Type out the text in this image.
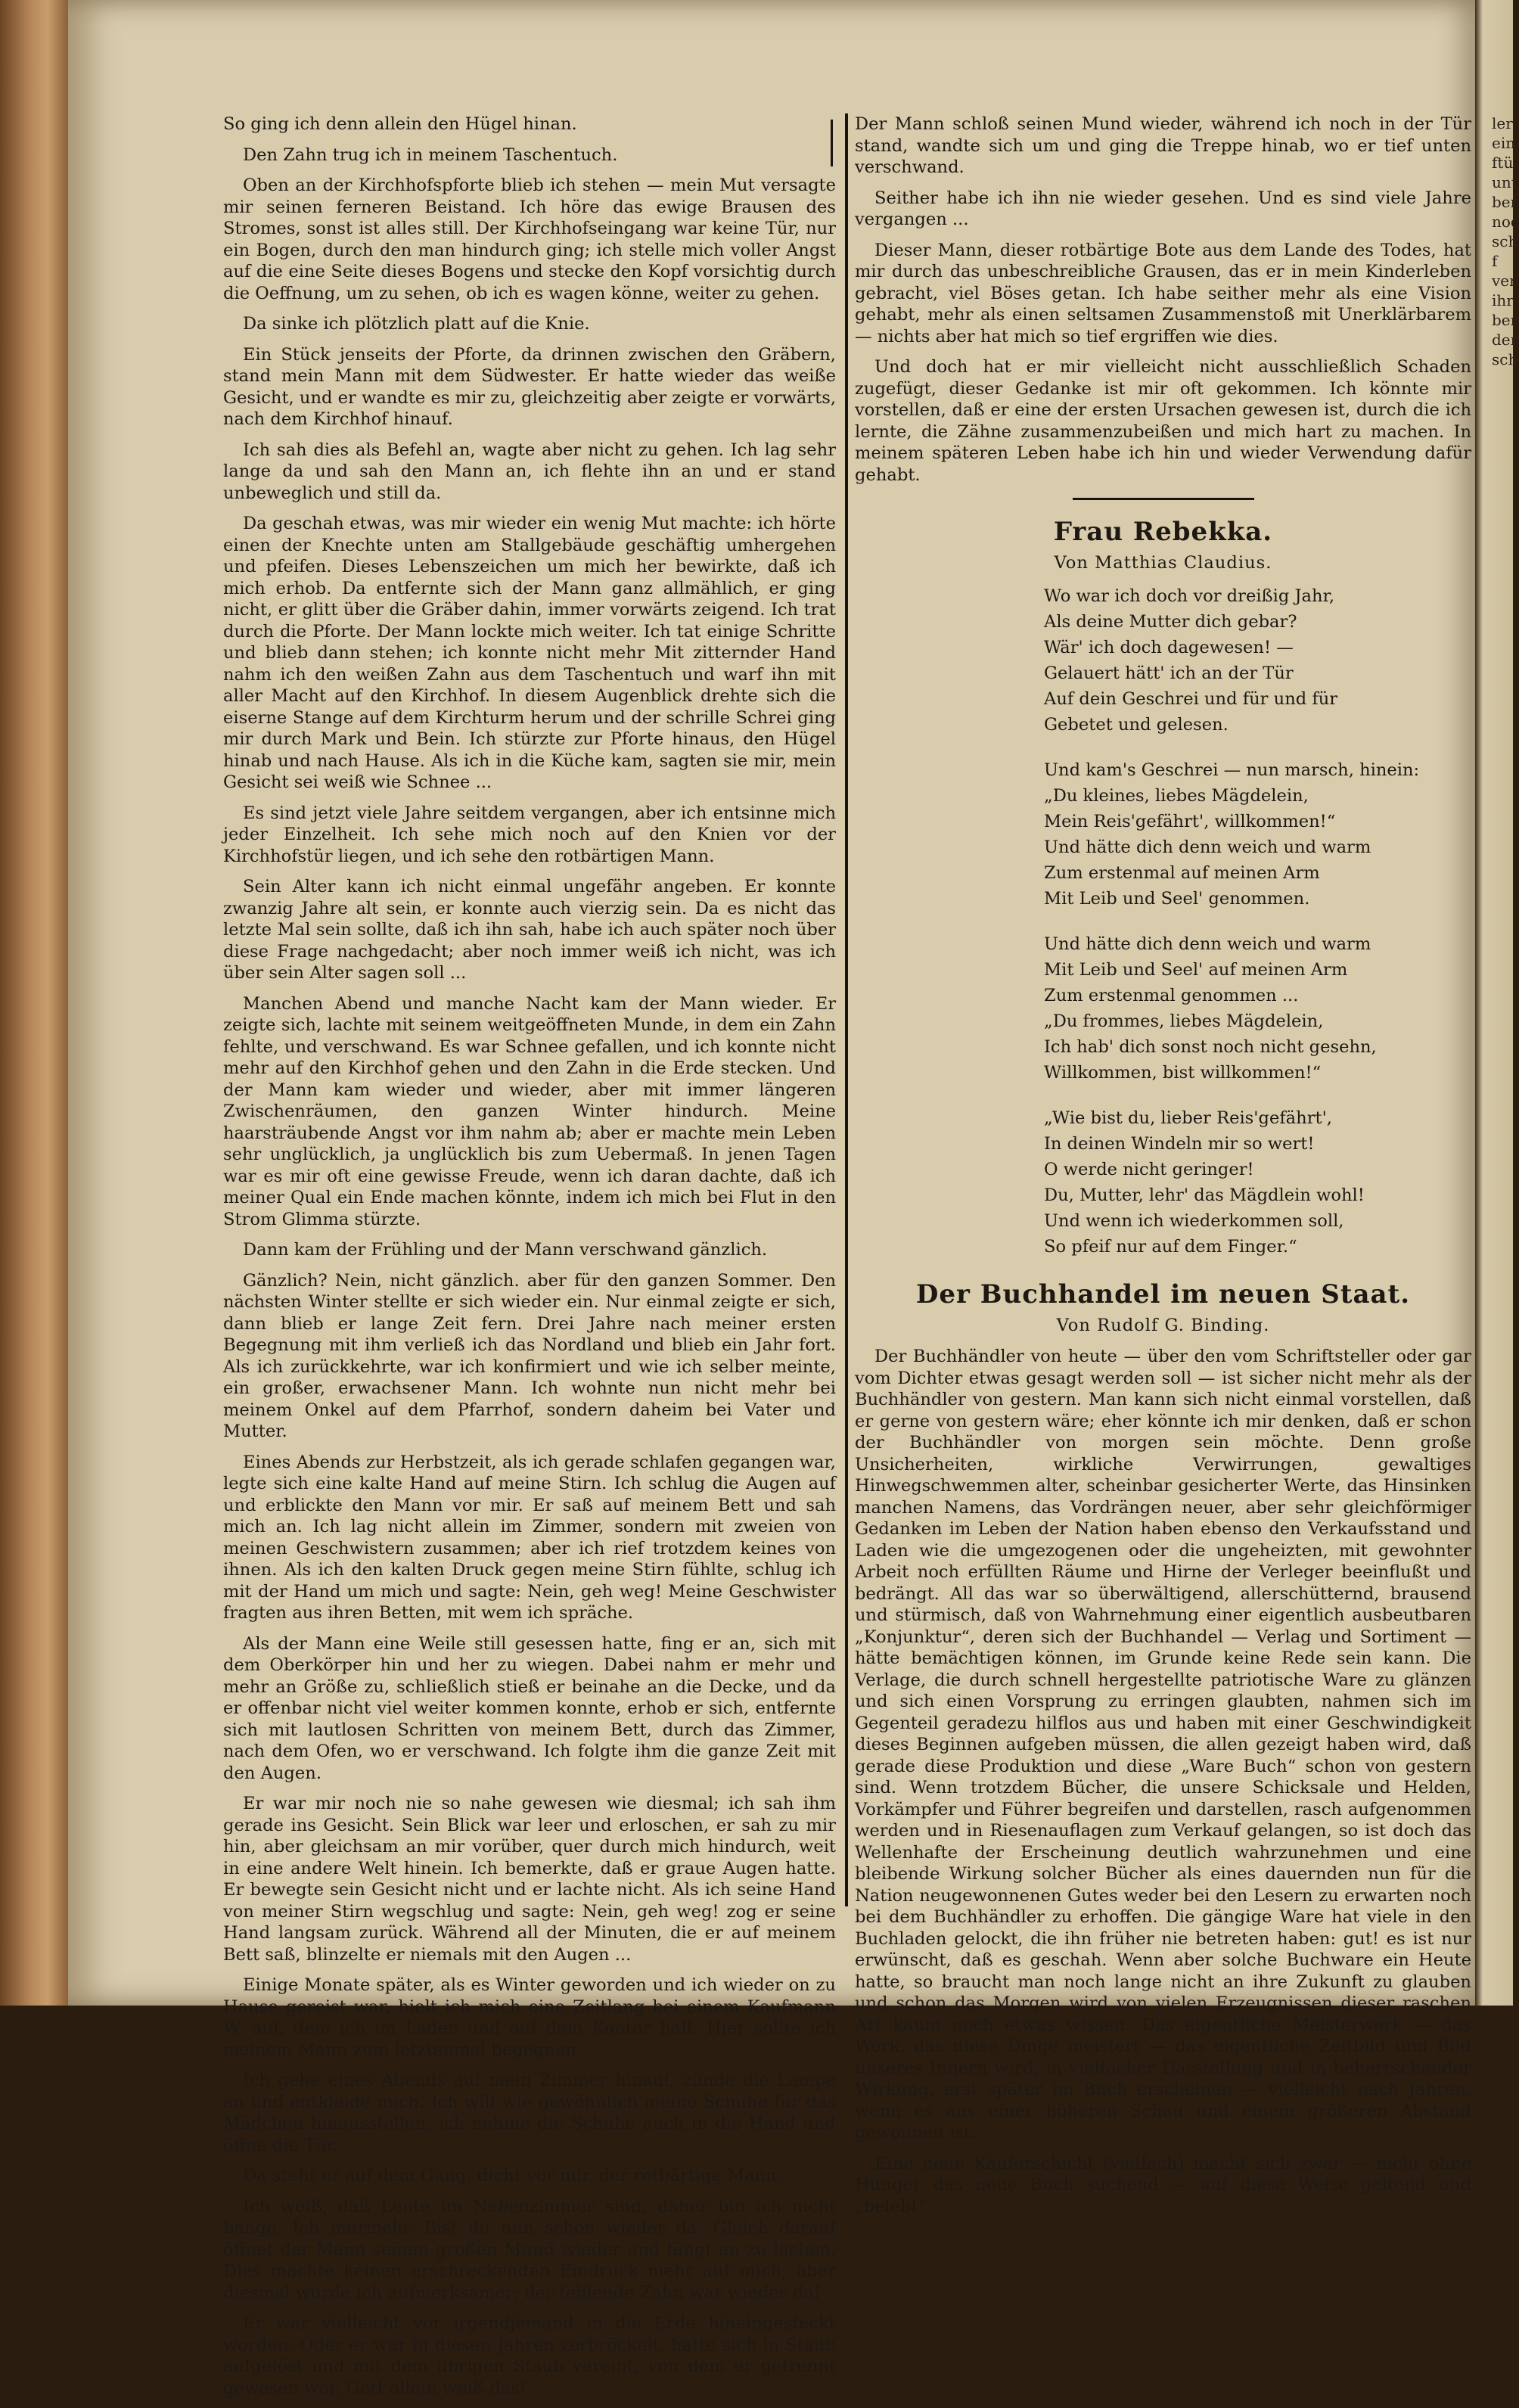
ler ein ftü unt ber noc sch f ver ihr ber der sch

So ging ich denn allein den Hügel hinan.

Den Zahn trug ich in meinem Taschentuch.

Oben an der Kirchhofspforte blieb ich stehen — mein Mut versagte mir seinen ferneren Beistand. Ich höre das ewige Brausen des Stromes, sonst ist alles still. Der Kirchhofseingang war keine Tür, nur ein Bogen, durch den man hindurch ging; ich stelle mich voller Angst auf die eine Seite dieses Bogens und stecke den Kopf vorsichtig durch die Oeffnung, um zu sehen, ob ich es wagen könne, weiter zu gehen.

Da sinke ich plötzlich platt auf die Knie.

Ein Stück jenseits der Pforte, da drinnen zwischen den Gräbern, stand mein Mann mit dem Südwester. Er hatte wieder das weiße Gesicht, und er wandte es mir zu, gleichzeitig aber zeigte er vorwärts, nach dem Kirchhof hinauf.

Ich sah dies als Befehl an, wagte aber nicht zu gehen. Ich lag sehr lange da und sah den Mann an, ich flehte ihn an und er stand unbeweglich und still da.

Da geschah etwas, was mir wieder ein wenig Mut machte: ich hörte einen der Knechte unten am Stallgebäude geschäftig umhergehen und pfeifen. Dieses Lebenszeichen um mich her bewirkte, daß ich mich erhob. Da entfernte sich der Mann ganz allmählich, er ging nicht, er glitt über die Gräber dahin, immer vorwärts zeigend. Ich trat durch die Pforte. Der Mann lockte mich weiter. Ich tat einige Schritte und blieb dann stehen; ich konnte nicht mehr Mit zitternder Hand nahm ich den weißen Zahn aus dem Taschentuch und warf ihn mit aller Macht auf den Kirchhof. In diesem Augenblick drehte sich die eiserne Stange auf dem Kirchturm herum und der schrille Schrei ging mir durch Mark und Bein. Ich stürzte zur Pforte hinaus, den Hügel hinab und nach Hause. Als ich in die Küche kam, sagten sie mir, mein Gesicht sei weiß wie Schnee ...

Es sind jetzt viele Jahre seitdem vergangen, aber ich entsinne mich jeder Einzelheit. Ich sehe mich noch auf den Knien vor der Kirchhofstür liegen, und ich sehe den rotbärtigen Mann.

Sein Alter kann ich nicht einmal ungefähr angeben. Er konnte zwanzig Jahre alt sein, er konnte auch vierzig sein. Da es nicht das letzte Mal sein sollte, daß ich ihn sah, habe ich auch später noch über diese Frage nachgedacht; aber noch immer weiß ich nicht, was ich über sein Alter sagen soll ...

Manchen Abend und manche Nacht kam der Mann wieder. Er zeigte sich, lachte mit seinem weitgeöffneten Munde, in dem ein Zahn fehlte, und verschwand. Es war Schnee gefallen, und ich konnte nicht mehr auf den Kirchhof gehen und den Zahn in die Erde stecken. Und der Mann kam wieder und wieder, aber mit immer längeren Zwischenräumen, den ganzen Winter hindurch. Meine haarsträubende Angst vor ihm nahm ab; aber er machte mein Leben sehr unglücklich, ja unglücklich bis zum Uebermaß. In jenen Tagen war es mir oft eine gewisse Freude, wenn ich daran dachte, daß ich meiner Qual ein Ende machen könnte, indem ich mich bei Flut in den Strom Glimma stürzte.

Dann kam der Frühling und der Mann verschwand gänzlich.

Gänzlich? Nein, nicht gänzlich. aber für den ganzen Sommer. Den nächsten Winter stellte er sich wieder ein. Nur einmal zeigte er sich, dann blieb er lange Zeit fern. Drei Jahre nach meiner ersten Begegnung mit ihm verließ ich das Nordland und blieb ein Jahr fort. Als ich zurückkehrte, war ich konfirmiert und wie ich selber meinte, ein großer, erwachsener Mann. Ich wohnte nun nicht mehr bei meinem Onkel auf dem Pfarrhof, sondern daheim bei Vater und Mutter.

Eines Abends zur Herbstzeit, als ich gerade schlafen gegangen war, legte sich eine kalte Hand auf meine Stirn. Ich schlug die Augen auf und erblickte den Mann vor mir. Er saß auf meinem Bett und sah mich an. Ich lag nicht allein im Zimmer, sondern mit zweien von meinen Geschwistern zusammen; aber ich rief trotzdem keines von ihnen. Als ich den kalten Druck gegen meine Stirn fühlte, schlug ich mit der Hand um mich und sagte: Nein, geh weg! Meine Geschwister fragten aus ihren Betten, mit wem ich spräche.

Als der Mann eine Weile still gesessen hatte, fing er an, sich mit dem Oberkörper hin und her zu wiegen. Dabei nahm er mehr und mehr an Größe zu, schließlich stieß er beinahe an die Decke, und da er offenbar nicht viel weiter kommen konnte, erhob er sich, entfernte sich mit lautlosen Schritten von meinem Bett, durch das Zimmer, nach dem Ofen, wo er verschwand. Ich folgte ihm die ganze Zeit mit den Augen.

Er war mir noch nie so nahe gewesen wie diesmal; ich sah ihm gerade ins Gesicht. Sein Blick war leer und erloschen, er sah zu mir hin, aber gleichsam an mir vorüber, quer durch mich hindurch, weit in eine andere Welt hinein. Ich bemerkte, daß er graue Augen hatte. Er bewegte sein Gesicht nicht und er lachte nicht. Als ich seine Hand von meiner Stirn wegschlug und sagte: Nein, geh weg! zog er seine Hand langsam zurück. Während all der Minuten, die er auf meinem Bett saß, blinzelte er niemals mit den Augen ...

Einige Monate später, als es Winter geworden und ich wieder on zu Hause gereist war, hielt ich mich eine Zeitlang bei einem Kaufmann W. auf, dem ich im Laden und auf dem Kontor half. Hier sollte ich meinem Mann zum letztenmal begegnen.

Ich gehe eines Abends auf mein Zimmer hinauf, zünde die Lampe an und entkleide mich. Ich will wie gewöhnlich meine Schuhe für das Mädchen hinausstellen, ich nehme die Schuhe auch in die Hand und öffne die Tür.

Da steht er auf dem Gang, dicht vor mir, der rotbärtige Mann.

Ich weiß, daß Leute im Nebenzimmer sind, daher bin ich nicht bange. Ich murmele: Bist du nun schon wieder da. Gleich darauf öffnet der Mann seinen großen Mund wieder und fängt an zu lachen. Dies machte keinen erschreckenden Eindruck mehr auf mich; aber diesmal wurde ich aufmerksamer: der fehlende Zahn war wieder da!

Er war vielleicht vor irgendjemand in die Erde hineingesteckt worden. Oder er war in diesen Jahren zerbröckelt, hatte sich in Staub aufgelöst und mit dem übrigen Staub vereint, von dem er getrennt gewesen war. Gott allein weiß das!

Der Mann schloß seinen Mund wieder, während ich noch in der Tür stand, wandte sich um und ging die Treppe hinab, wo er tief unten verschwand.

Seither habe ich ihn nie wieder gesehen. Und es sind viele Jahre vergangen ...

Dieser Mann, dieser rotbärtige Bote aus dem Lande des Todes, hat mir durch das unbeschreibliche Grausen, das er in mein Kinderleben gebracht, viel Böses getan. Ich habe seither mehr als eine Vision gehabt, mehr als einen seltsamen Zusammenstoß mit Unerklärbarem — nichts aber hat mich so tief ergriffen wie dies.

Und doch hat er mir vielleicht nicht ausschließlich Schaden zugefügt, dieser Gedanke ist mir oft gekommen. Ich könnte mir vorstellen, daß er eine der ersten Ursachen gewesen ist, durch die ich lernte, die Zähne zusammenzubeißen und mich hart zu machen. In meinem späteren Leben habe ich hin und wieder Verwendung dafür gehabt.

Frau Rebekka.
Von Matthias Claudius.
Wo war ich doch vor dreißig Jahr,
Als deine Mutter dich gebar?
Wär' ich doch dagewesen! —
Gelauert hätt' ich an der Tür
Auf dein Geschrei und für und für
Gebetet und gelesen.
Und kam's Geschrei — nun marsch, hinein:
„Du kleines, liebes Mägdelein,
Mein Reis'gefährt', willkommen!“
Und hätte dich denn weich und warm
Zum erstenmal auf meinen Arm
Mit Leib und Seel' genommen.
Und hätte dich denn weich und warm
Mit Leib und Seel' auf meinen Arm
Zum erstenmal genommen ...
„Du frommes, liebes Mägdelein,
Ich hab' dich sonst noch nicht gesehn,
Willkommen, bist willkommen!“
„Wie bist du, lieber Reis'gefährt',
In deinen Windeln mir so wert!
O werde nicht geringer!
Du, Mutter, lehr' das Mägdlein wohl!
Und wenn ich wiederkommen soll,
So pfeif nur auf dem Finger.“
Der Buchhandel im neuen Staat.
Von Rudolf G. Binding.

Der Buchhändler von heute — über den vom Schriftsteller oder gar vom Dichter etwas gesagt werden soll — ist sicher nicht mehr als der Buchhändler von gestern. Man kann sich nicht einmal vorstellen, daß er gerne von gestern wäre; eher könnte ich mir denken, daß er schon der Buchhändler von morgen sein möchte. Denn große Unsicherheiten, wirkliche Verwirrungen, gewaltiges Hinwegschwemmen alter, scheinbar gesicherter Werte, das Hinsinken manchen Namens, das Vordrängen neuer, aber sehr gleichförmiger Gedanken im Leben der Nation haben ebenso den Verkaufsstand und Laden wie die umgezogenen oder die ungeheizten, mit gewohnter Arbeit noch erfüllten Räume und Hirne der Verleger beeinflußt und bedrängt. All das war so überwältigend, allerschütternd, brausend und stürmisch, daß von Wahrnehmung einer eigentlich ausbeutbaren „Konjunktur“, deren sich der Buchhandel — Verlag und Sortiment — hätte bemächtigen können, im Grunde keine Rede sein kann. Die Verlage, die durch schnell hergestellte patriotische Ware zu glänzen und sich einen Vorsprung zu erringen glaubten, nahmen sich im Gegenteil geradezu hilflos aus und haben mit einer Geschwindigkeit dieses Beginnen aufgeben müssen, die allen gezeigt haben wird, daß gerade diese Produktion und diese „Ware Buch“ schon von gestern sind. Wenn trotzdem Bücher, die unsere Schicksale und Helden, Vorkämpfer und Führer begreifen und darstellen, rasch aufgenommen werden und in Riesenauflagen zum Verkauf gelangen, so ist doch das Wellenhafte der Erscheinung deutlich wahrzunehmen und eine bleibende Wirkung solcher Bücher als eines dauernden nun für die Nation neugewonnenen Gutes weder bei den Lesern zu erwarten noch bei dem Buchhändler zu erhoffen. Die gängige Ware hat viele in den Buchladen gelockt, die ihn früher nie betreten haben: gut! es ist nur erwünscht, daß es geschah. Wenn aber solche Buchware ein Heute hatte, so braucht man noch lange nicht an ihre Zukunft zu glauben und schon das Morgen wird von vielen Erzeugnissen dieser raschen Art kaum noch etwas wissen. Das eigentliche Meisterwerk — das Werk, das diese Dinge meistert — das eigentliche Zeitbild und Bild unseres Innern wird, in vielfacher Darstellung und in beherrschender Wirkung, erst später im Buch erscheinen — vielleicht nach Jahren, wenn es aus einer höheren Schau und einem größeren Abstand gewonnen ist.

Eine neue Käuferschicht (vielfach) macht sich zwar — nicht ohne Hunger das neue Buch suchend — auf diese Weise geltend und „belebt“
